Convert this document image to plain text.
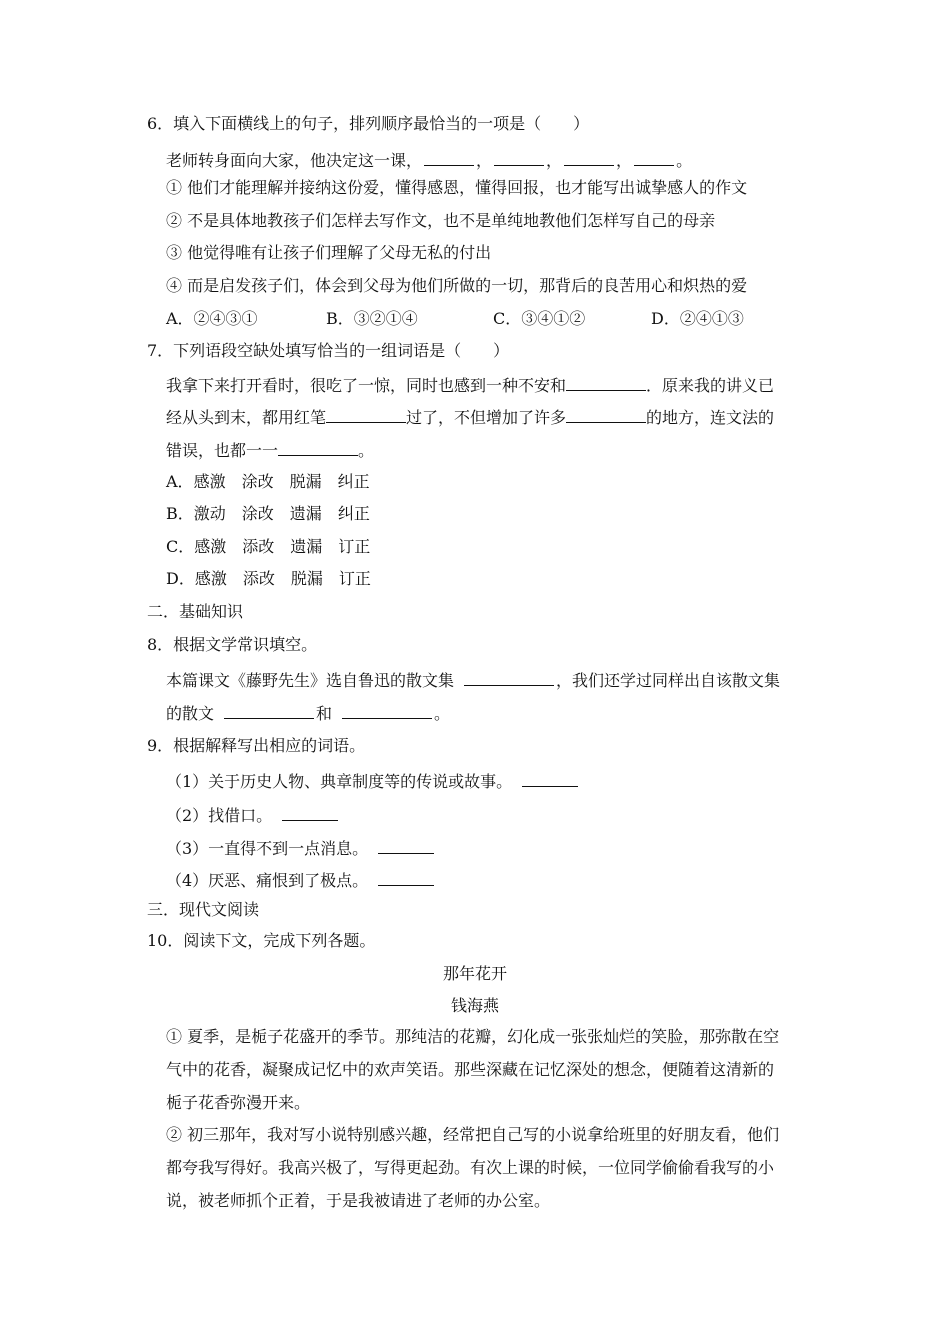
6．填入下面横线上的句子，排列顺序最恰当的一项是（　　）
老师转身面向大家，他决定这一课，	，	，	，	。
① 他们才能理解并接纳这份爱，懂得感恩，懂得回报，也才能写出诚挚感人的作文
② 不是具体地教孩子们怎样去写作文，也不是单纯地教他们怎样写自己的母亲
③ 他觉得唯有让孩子们理解了父母无私的付出
④ 而是启发孩子们，体会到父母为他们所做的一切，那背后的良苦用心和炽热的爱
A．②④③①	B．③②①④	C．③④①②	D．②④①③
7．下列语段空缺处填写恰当的一组词语是（　　）
我拿下来打开看时，很吃了一惊，同时也感到一种不安和	．原来我的讲义已
经从头到末，都用红笔	过了，不但增加了许多	的地方，连文法的
错误，也都一一	。
A．感激 涂改 脱漏 纠正
B．激动 涂改 遗漏 纠正
C．感激 添改 遗漏 订正
D．感激 添改 脱漏 订正
二．基础知识
8．根据文学常识填空。
本篇课文《藤野先生》选自鲁迅的散文集	，我们还学过同样出自该散文集
的散文	和	。
9．根据解释写出相应的词语。
（1）关于历史人物、典章制度等的传说或故事。
（2）找借口。
（3）一直得不到一点消息。
（4）厌恶、痛恨到了极点。
三．现代文阅读
10．阅读下文，完成下列各题。
那年花开
钱海燕
① 夏季，是栀子花盛开的季节。那纯洁的花瓣，幻化成一张张灿烂的笑脸，那弥散在空
气中的花香，凝聚成记忆中的欢声笑语。那些深藏在记忆深处的想念，便随着这清新的
栀子花香弥漫开来。
② 初三那年，我对写小说特别感兴趣，经常把自己写的小说拿给班里的好朋友看，他们
都夸我写得好。我高兴极了，写得更起劲。有次上课的时候，一位同学偷偷看我写的小
说，被老师抓个正着，于是我被请进了老师的办公室。
